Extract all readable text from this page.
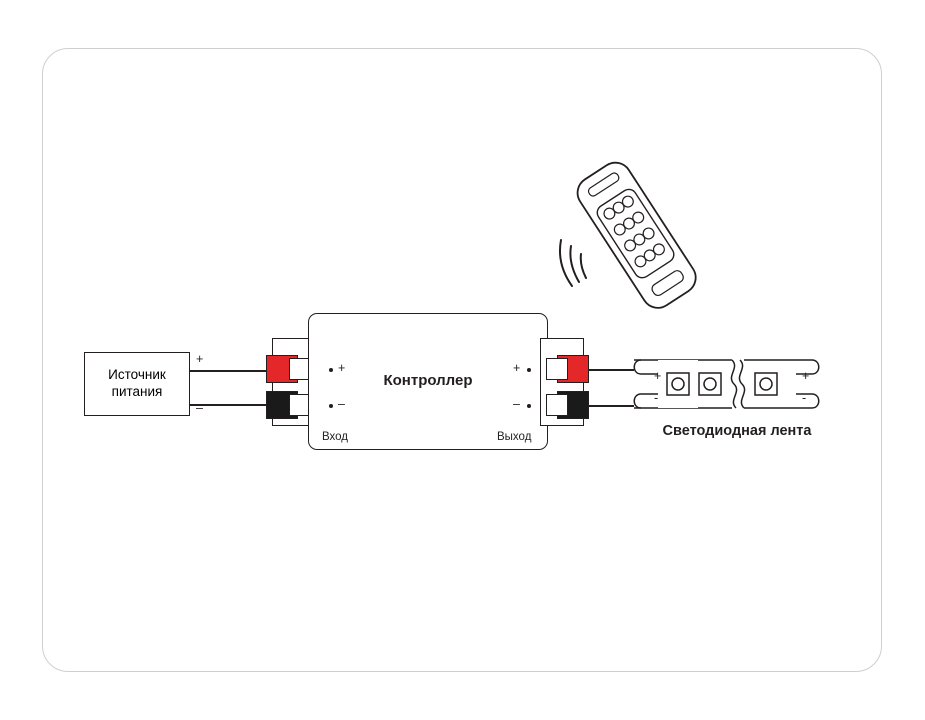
Источник
питания
+
–
Контроллер
Вход	Выход
+
–
+
–
+
-
+
-
Светодиодная лента
